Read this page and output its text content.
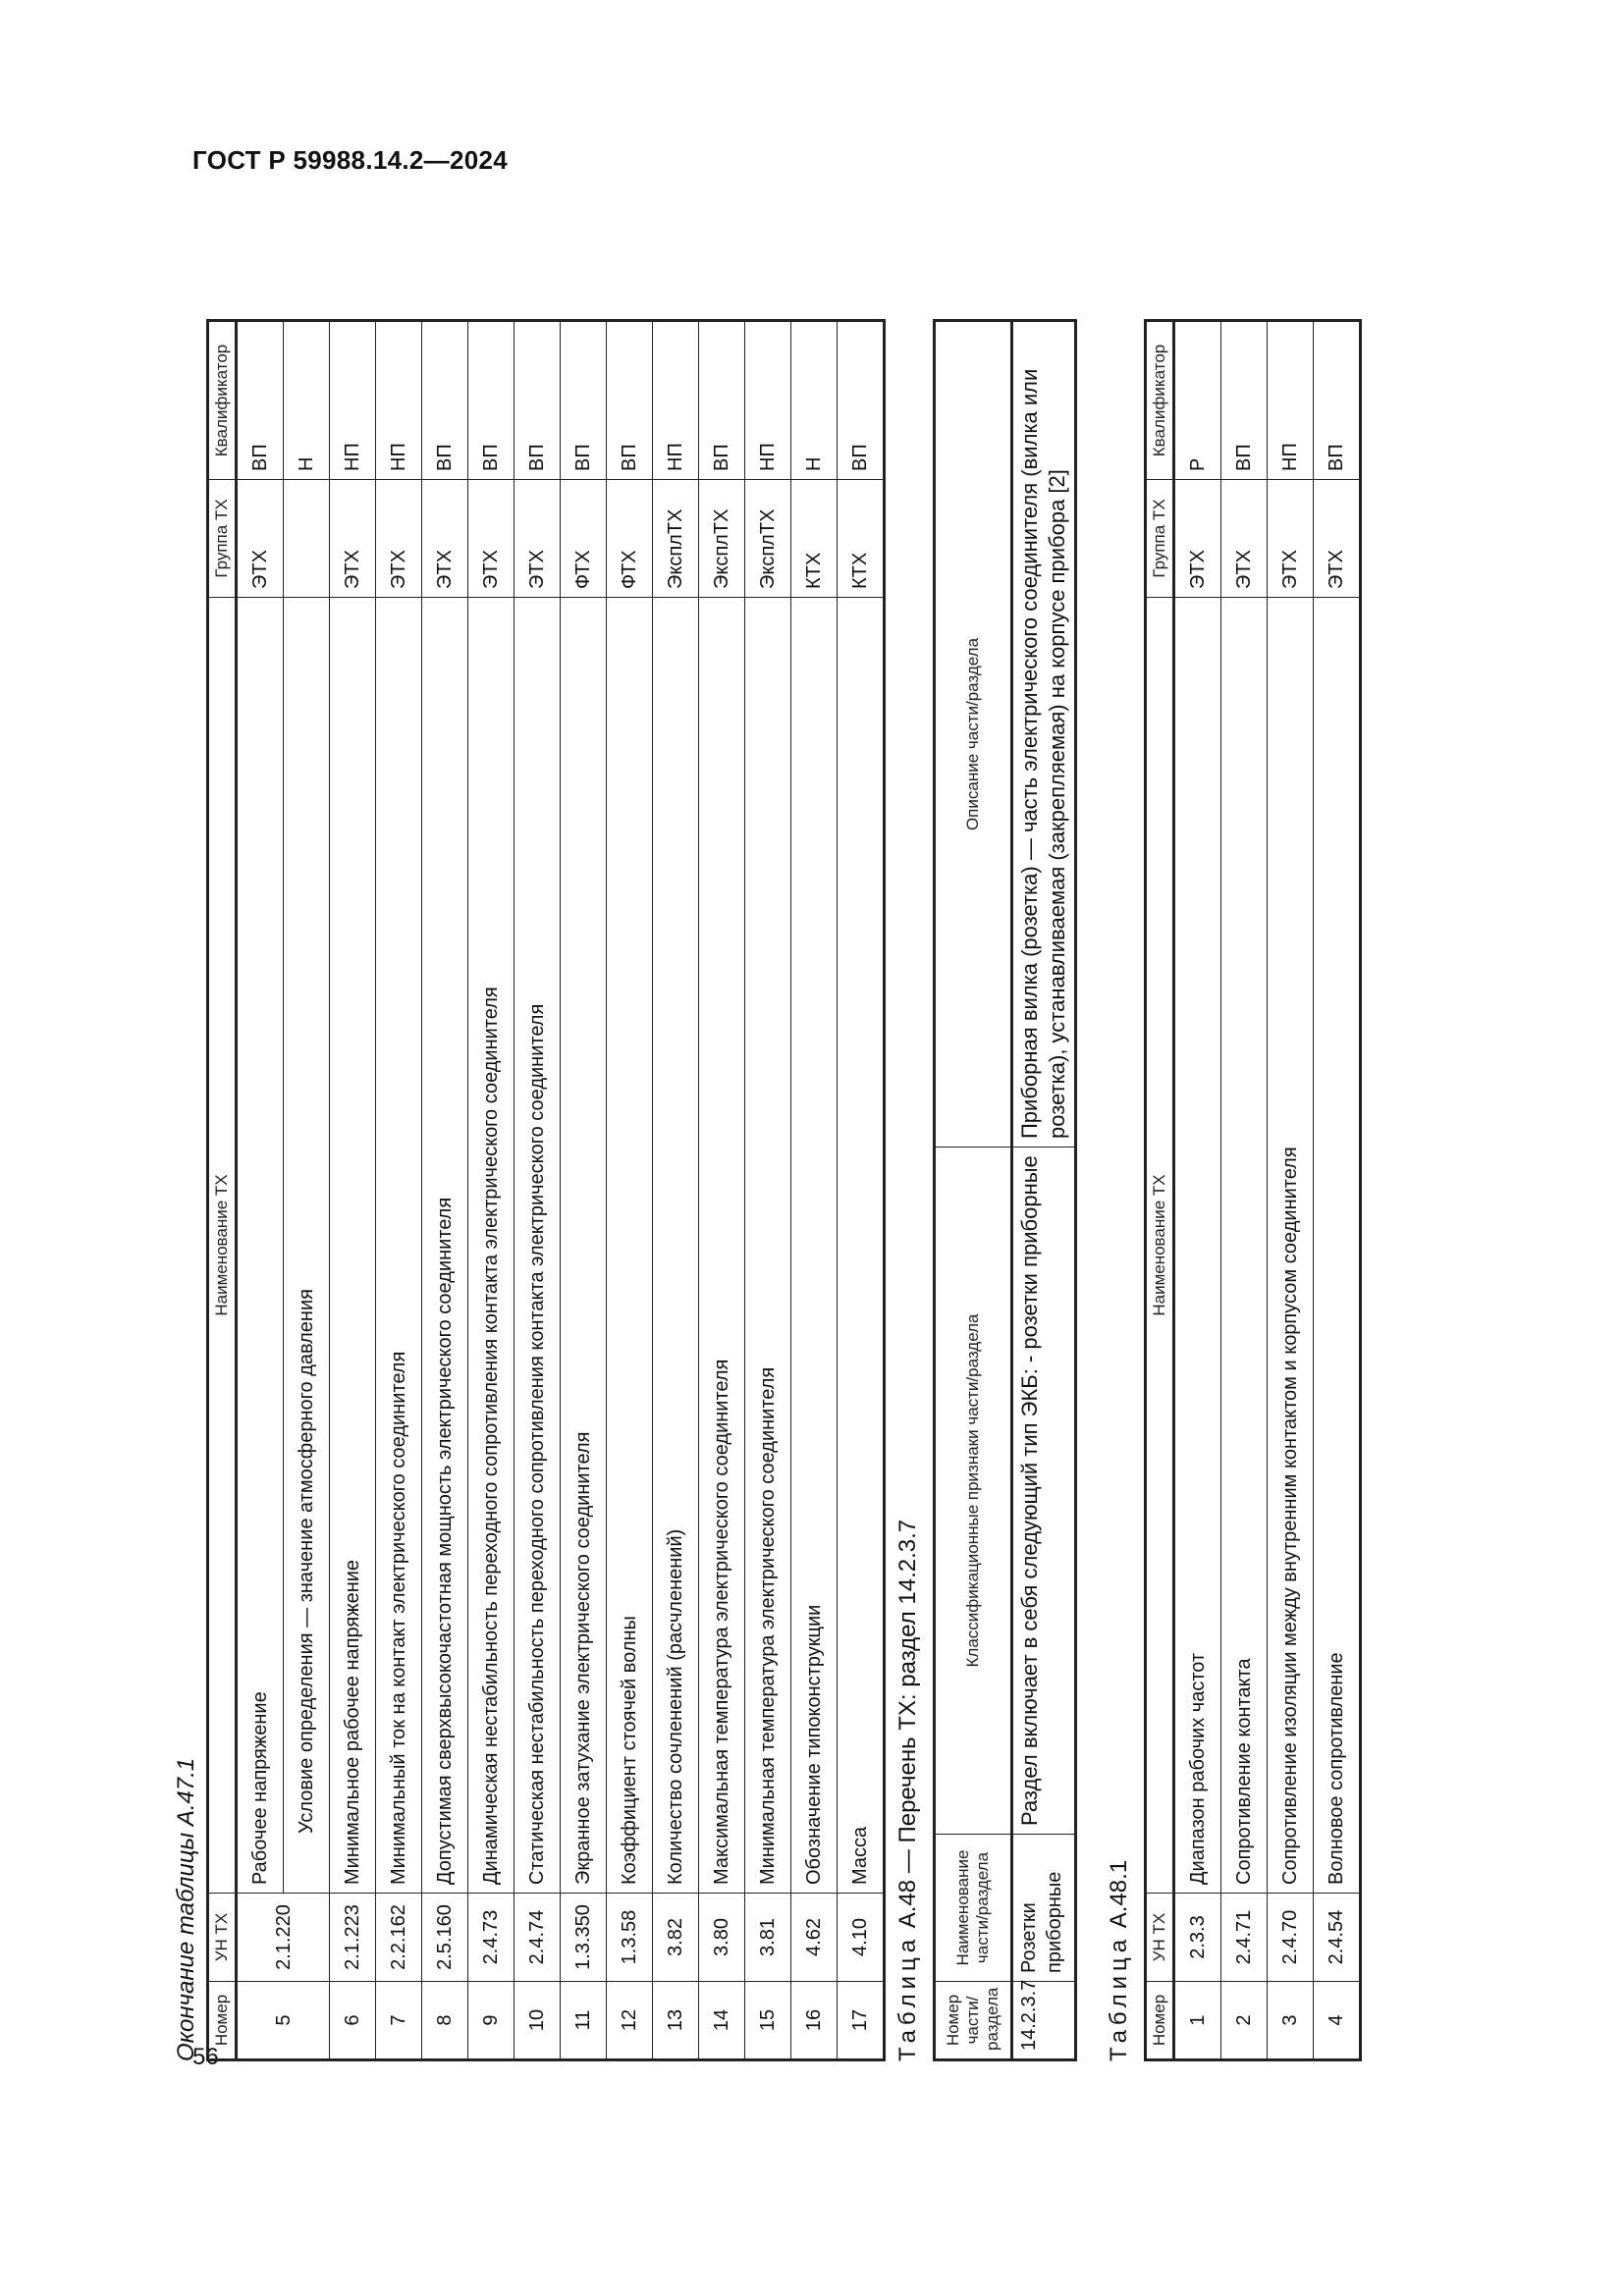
ГОСТ Р 59988.14.2—2024
56
Окончание таблицы А.47.1 Номер	УН ТХ	Наименование ТХ	Группа ТХ	Квалификатор
5	2.1.220	Рабочее напряжение	ЭТХ	ВП
		Условие определения — значение атмосферного давления		Н
6	2.1.223	Минимальное рабочее напряжение	ЭТХ	НП
7	2.2.162	Минимальный ток на контакт электрического соединителя	ЭТХ	НП
8	2.5.160	Допустимая сверхвысокочастотная мощность электрического соединителя	ЭТХ	ВП
9	2.4.73	Динамическая нестабильность переходного сопротивления контакта электрического соединителя	ЭТХ	ВП
10	2.4.74	Статическая нестабильность переходного сопротивления контакта электрического соединителя	ЭТХ	ВП
11	1.3.350	Экранное затухание электрического соединителя	ФТХ	ВП
12	1.3.58	Коэффициент стоячей волны	ФТХ	ВП
13	3.82	Количество сочленений (расчленений)	ЭксплТХ	НП
14	3.80	Максимальная температура электрического соединителя	ЭксплТХ	ВП
15	3.81	Минимальная температура электрического соединителя	ЭксплТХ	НП
16	4.62	Обозначение типоконструкции	КТХ	Н
17	4.10	Масса	КТХ	ВП
Таблица А.48 — Перечень ТХ: раздел 14.2.3.7
Номер части/раздела	Наименование части/раздела	Классификационные признаки части/раздела	Описание части/раздела
14.2.3.7	Розетки приборные	Раздел включает в себя следующий тип ЭКБ: - розетки приборные	Приборная вилка (розетка) — часть электрического соединителя (вилка или розетка), устанавливаемая (закрепляемая) на корпусе прибора [2]
Таблица А.48.1
Номер	УН ТХ	Наименование ТХ	Группа ТХ	Квалификатор
1	2.3.3	Диапазон рабочих частот	ЭТХ	Р
2	2.4.71	Сопротивление контакта	ЭТХ	ВП
3	2.4.70	Сопротивление изоляции между внутренним контактом и корпусом соединителя	ЭТХ	НП
4	2.4.54	Волновое сопротивление	ЭТХ	ВП
